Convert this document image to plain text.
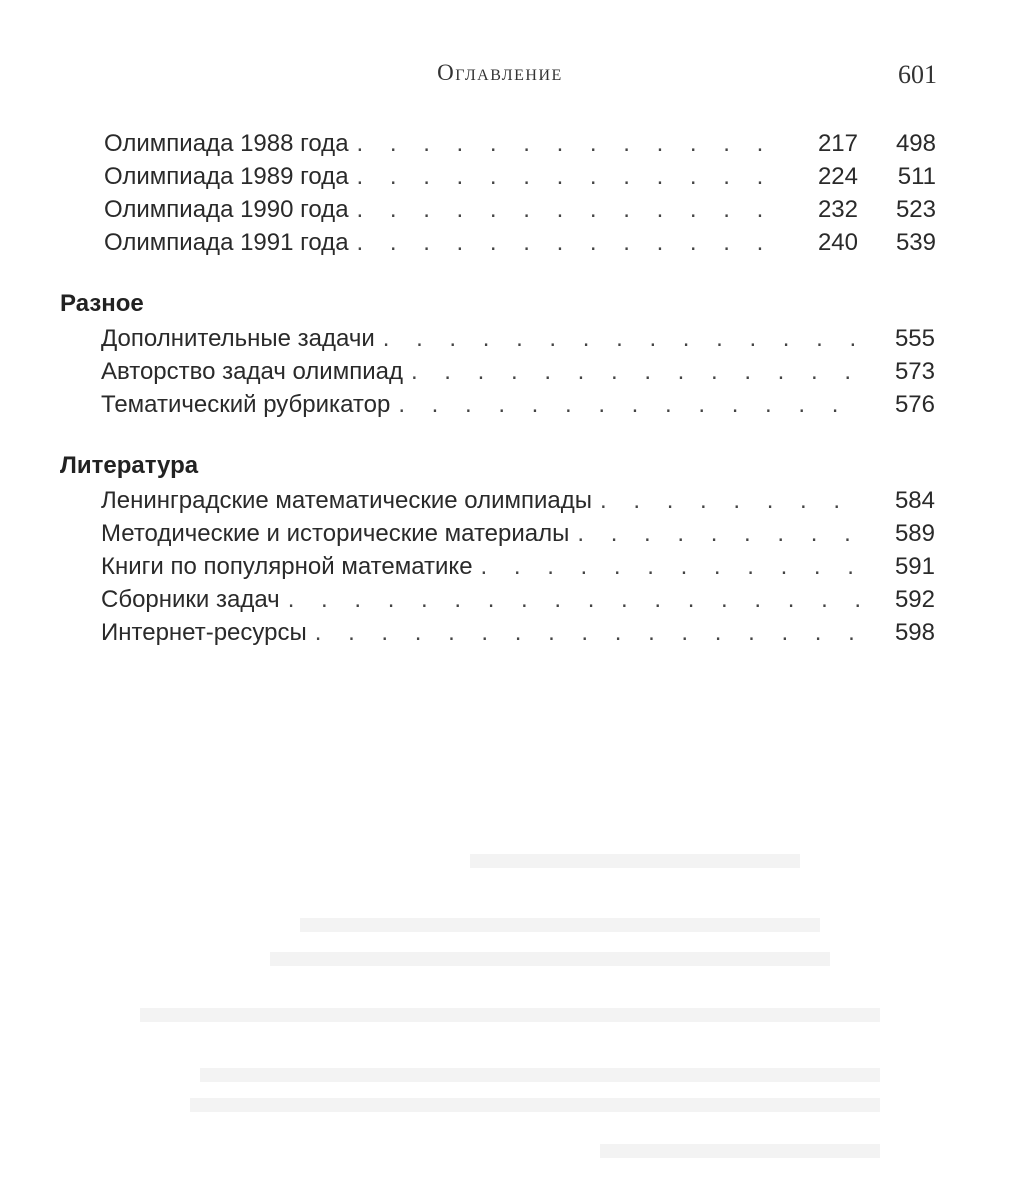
Оглавление	601
Олимпиада 1988 года . . .	217	498
Олимпиада 1989 года . . .	224	511
Олимпиада 1990 года . . .	232	523
Олимпиада 1991 года . . .	240	539
Разное
Дополнительные задачи . . .	555
Авторство задач олимпиад . . .	573
Тематический рубрикатор . . .	576
Литература
Ленинградские математические олимпиады . . .	584
Методические и исторические материалы . . .	589
Книги по популярной математике . . .	591
Сборники задач . . .	592
Интернет-ресурсы . . .	598
